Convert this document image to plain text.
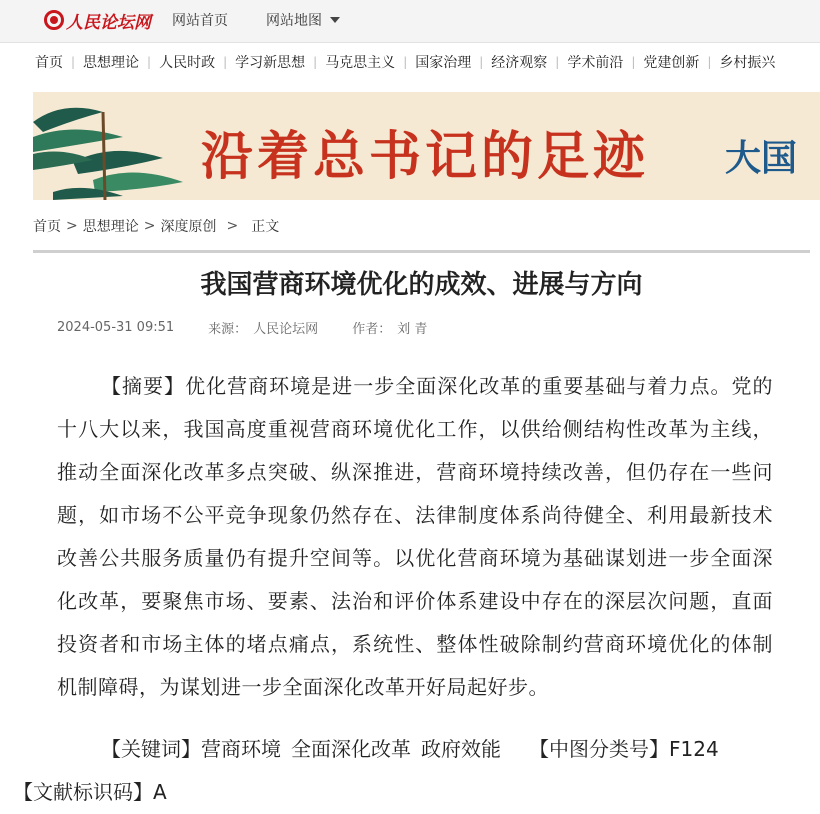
人民论坛网 网站首页	网站地图
首页 | 思想理论 | 人民时政 | 学习新思想 | 马克思主义 | 国家治理 | 经济观察 | 学术前沿 | 党建创新 | 乡村振兴
沿着总书记的足迹 大国
首页 > 思想理论 > 深度原创 > 正文
我国营商环境优化的成效、进展与方向
2024-05-31 09:51	来源： 人民论坛网	作者： 刘 青
【摘要】优化营商环境是进一步全面深化改革的重要基础与着力点。党的十八大以来，我国高度重视营商环境优化工作，以供给侧结构性改革为主线，推动全面深化改革多点突破、纵深推进，营商环境持续改善，但仍存在一些问题，如市场不公平竞争现象仍然存在、法律制度体系尚待健全、利用最新技术改善公共服务质量仍有提升空间等。以优化营商环境为基础谋划进一步全面深化改革，要聚焦市场、要素、法治和评价体系建设中存在的深层次问题，直面投资者和市场主体的堵点痛点，系统性、整体性破除制约营商环境优化的体制机制障碍，为谋划进一步全面深化改革开好局起好步。
【关键词】营商环境 全面深化改革 政府效能 【中图分类号】F124
【文献标识码】A
